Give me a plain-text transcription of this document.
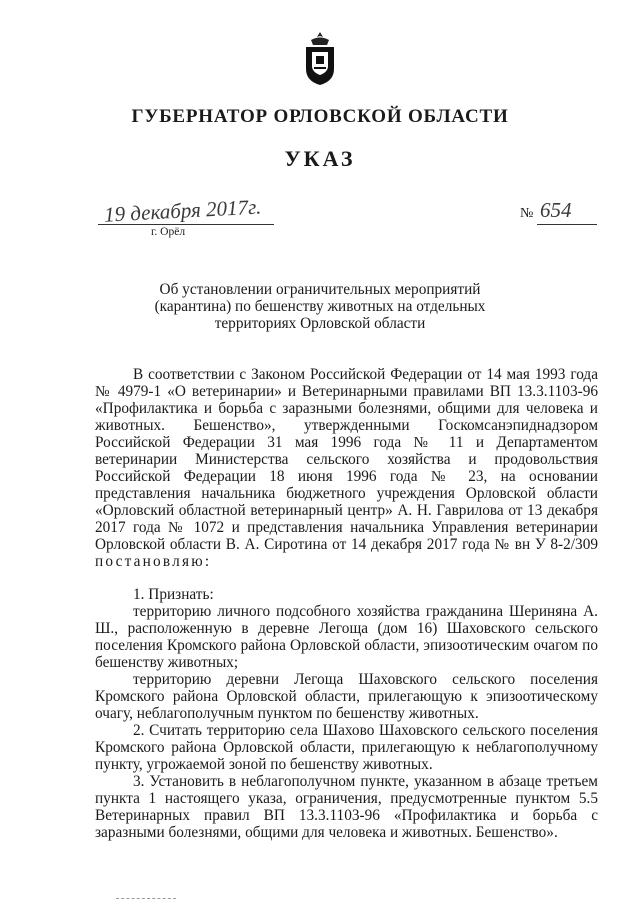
ГУБЕРНАТОР ОРЛОВСКОЙ ОБЛАСТИ
УКАЗ
19 декабря 2017г.
г. Орёл
№ 654
Об установлении ограничительных мероприятий
(карантина) по бешенству животных на отдельных
территориях Орловской области

В соответствии с Законом Российской Федерации от 14 мая 1993 года № 4979-1 «О ветеринарии» и Ветеринарными правилами ВП 13.3.1103-96 «Профилактика и борьба с заразными болезнями, общими для человека и животных. Бешенство», утвержденными Госкомсанэпиднадзором Российской Федерации 31 мая 1996 года № 11 и Департаментом ветеринарии Министерства сельского хозяйства и продовольствия Российской Федерации 18 июня 1996 года № 23, на основании представления начальника бюджетного учреждения Орловской области «Орловский областной ветеринарный центр» А. Н. Гаврилова от 13 декабря 2017 года № 1072 и представления начальника Управления ветеринарии Орловской области В. А. Сиротина от 14 декабря 2017 года № вн У 8-2/309 постановляю:

1. Признать:

территорию личного подсобного хозяйства гражданина Шериняна А. Ш., расположенную в деревне Легоща (дом 16) Шаховского сельского поселения Кромского района Орловской области, эпизоотическим очагом по бешенству животных;

территорию деревни Легоща Шаховского сельского поселения Кромского района Орловской области, прилегающую к эпизоотическому очагу, неблагополучным пунктом по бешенству животных.

2. Считать территорию села Шахово Шаховского сельского поселения Кромского района Орловской области, прилегающую к неблагополучному пункту, угрожаемой зоной по бешенству животных.

3. Установить в неблагополучном пункте, указанном в абзаце третьем пункта 1 настоящего указа, ограничения, предусмотренные пунктом 5.5 Ветеринарных правил ВП 13.3.1103-96 «Профилактика и борьба с заразными болезнями, общими для человека и животных. Бешенство».
